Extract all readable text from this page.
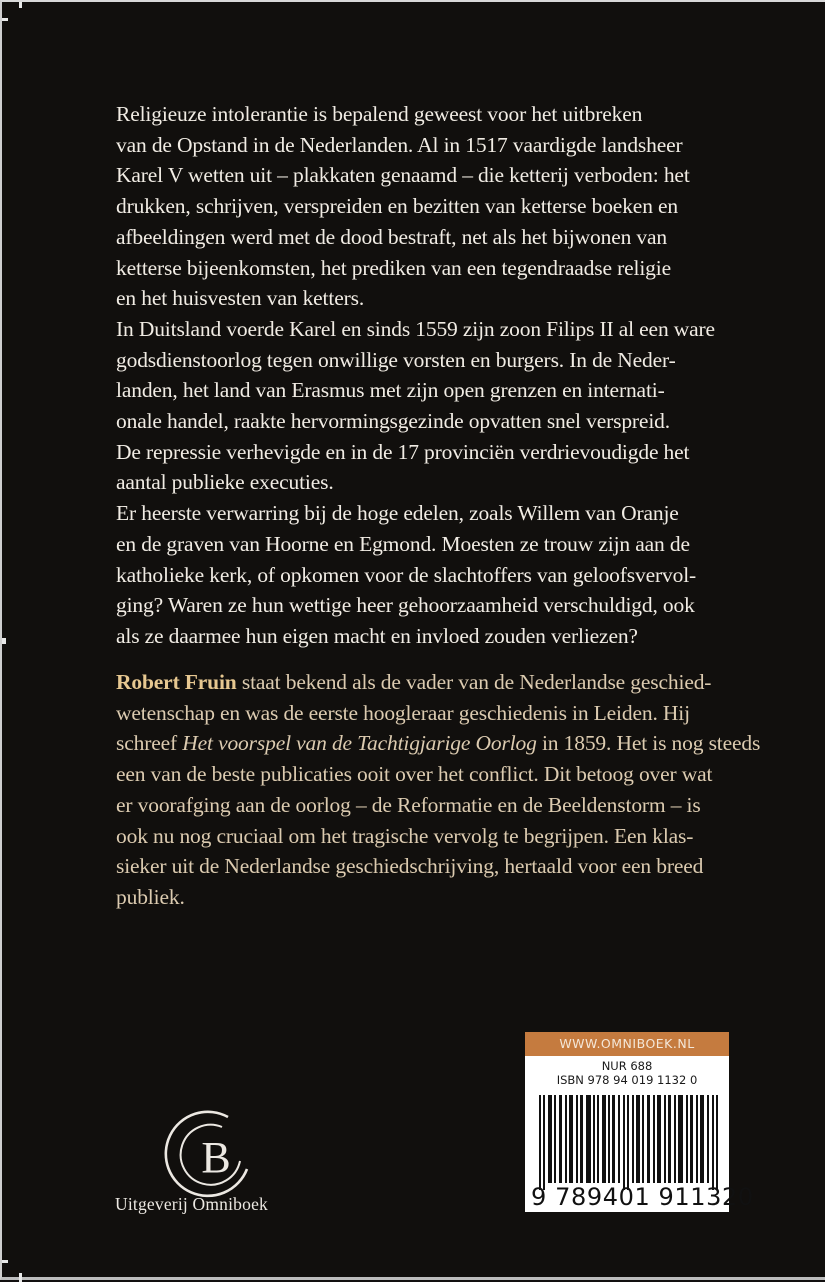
Religieuze intolerantie is bepalend geweest voor het uitbreken
van de Opstand in de Nederlanden. Al in 1517 vaardigde landsheer
Karel V wetten uit – plakkaten genaamd – die ketterij verboden: het
drukken, schrijven, verspreiden en bezitten van ketterse boeken en
afbeeldingen werd met de dood bestraft, net als het bijwonen van
ketterse bijeenkomsten, het prediken van een tegendraadse religie
en het huisvesten van ketters.
In Duitsland voerde Karel en sinds 1559 zijn zoon Filips II al een ware
godsdienstoorlog tegen onwillige vorsten en burgers. In de Neder-
landen, het land van Erasmus met zijn open grenzen en internati-
onale handel, raakte hervormingsgezinde opvatten snel verspreid.
De repressie verhevigde en in de 17 provinciën verdrievoudigde het
aantal publieke executies.
Er heerste verwarring bij de hoge edelen, zoals Willem van Oranje
en de graven van Hoorne en Egmond. Moesten ze trouw zijn aan de
katholieke kerk, of opkomen voor de slachtoffers van geloofsvervol-
ging? Waren ze hun wettige heer gehoorzaamheid verschuldigd, ook
als ze daarmee hun eigen macht en invloed zouden verliezen?
Robert Fruin staat bekend als de vader van de Nederlandse geschied-
wetenschap en was de eerste hoogleraar geschiedenis in Leiden. Hij
schreef Het voorspel van de Tachtigjarige Oorlog in 1859. Het is nog steeds
een van de beste publicaties ooit over het conflict. Dit betoog over wat
er voorafging aan de oorlog – de Reformatie en de Beeldenstorm – is
ook nu nog cruciaal om het tragische vervolg te begrijpen. Een klas-
sieker uit de Nederlandse geschiedschrijving, hertaald voor een breed
publiek.
B
Uitgeverij Omniboek
WWW.OMNIBOEK.NL
NUR 688
ISBN 978 94 019 1132 0
9 789401 911320
